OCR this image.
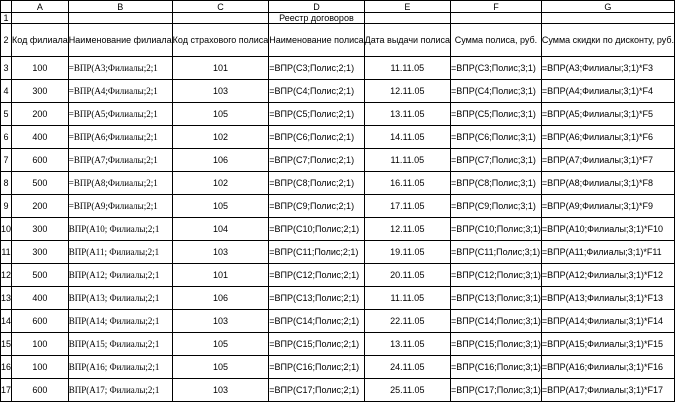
	A	B	C	D	E	F	G
1				Реестр договоров			
2	Код филиала	Наименование филиала	Код страхового полиса	Наименование полиса	Дата выдачи полиса	Сумма полиса, руб.	Сумма скидки по дисконту, руб.
3	100	=ВПР(A3;Филиалы;2;1	101	=ВПР(C3;Полис;2;1)	11.11.05	=ВПР(C3;Полис;3;1)	=ВПР(A3;Филиалы;3;1)*F3
4	300	=ВПР(A4;Филиалы;2;1	103	=ВПР(C4;Полис;2;1)	12.11.05	=ВПР(C4;Полис;3;1)	=ВПР(A4;Филиалы;3;1)*F4
5	200	=ВПР(A5;Филиалы;2;1	105	=ВПР(C5;Полис;2;1)	13.11.05	=ВПР(C5;Полис;3;1)	=ВПР(A5;Филиалы;3;1)*F5
6	400	=ВПР(A6;Филиалы;2;1	102	=ВПР(C6;Полис;2;1)	14.11.05	=ВПР(C6;Полис;3;1)	=ВПР(A6;Филиалы;3;1)*F6
7	600	=ВПР(A7;Филиалы;2;1	106	=ВПР(C7;Полис;2;1)	11.11.05	=ВПР(C7;Полис;3;1)	=ВПР(A7;Филиалы;3;1)*F7
8	500	=ВПР(A8;Филиалы;2;1	102	=ВПР(C8;Полис;2;1)	16.11.05	=ВПР(C8;Полис;3;1)	=ВПР(A8;Филиалы;3;1)*F8
9	200	=ВПР(A9;Филиалы;2;1	105	=ВПР(C9;Полис;2;1)	17.11.05	=ВПР(C9;Полис;3;1)	=ВПР(A9;Филиалы;3;1)*F9
10	300	ВПР(A10; Филиалы;2;1	104	=ВПР(C10;Полис;2;1)	12.11.05	=ВПР(C10;Полис;3;1)	=ВПР(A10;Филиалы;3;1)*F10
11	300	ВПР(A11; Филиалы;2;1	103	=ВПР(C11;Полис;2;1)	19.11.05	=ВПР(C11;Полис;3;1)	=ВПР(A11;Филиалы;3;1)*F11
12	500	ВПР(A12; Филиалы;2;1	101	=ВПР(C12;Полис;2;1)	20.11.05	=ВПР(C12;Полис;3;1)	=ВПР(A12;Филиалы;3;1)*F12
13	400	ВПР(A13; Филиалы;2;1	106	=ВПР(C13;Полис;2;1)	11.11.05	=ВПР(C13;Полис;3;1)	=ВПР(A13;Филиалы;3;1)*F13
14	600	ВПР(A14; Филиалы;2;1	103	=ВПР(C14;Полис;2;1)	22.11.05	=ВПР(C14;Полис;3;1)	=ВПР(A14;Филиалы;3;1)*F14
15	100	ВПР(A15; Филиалы;2;1	105	=ВПР(C15;Полис;2;1)	13.11.05	=ВПР(C15;Полис;3;1)	=ВПР(A15;Филиалы;3;1)*F15
16	100	ВПР(A16; Филиалы;2;1	105	=ВПР(C16;Полис;2;1)	24.11.05	=ВПР(C16;Полис;3;1)	=ВПР(A16;Филиалы;3;1)*F16
17	600	ВПР(A17; Филиалы;2;1	103	=ВПР(C17;Полис;2;1)	25.11.05	=ВПР(C17;Полис;3;1)	=ВПР(A17;Филиалы;3;1)*F17
